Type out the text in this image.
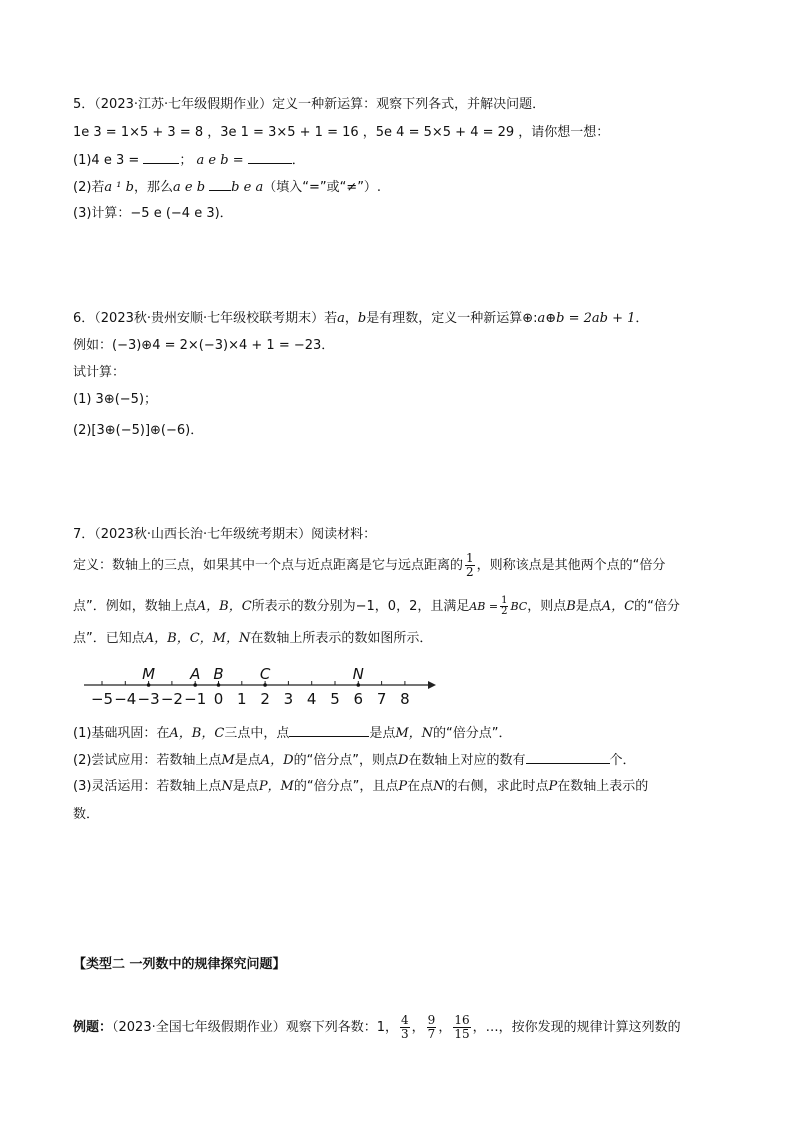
5．（2023·江苏·七年级假期作业）定义一种新运算：观察下列各式，并解决问题．
1e 3 = 1×5 + 3 = 8 ，3e 1 = 3×5 + 1 = 16 ，5e 4 = 5×5 + 4 = 29 ，请你想一想：
(1)4 e 3 =	； a e b =	．
(2)若a ¹ b，那么a e b b e a（填入“=”或“≠”）.
(3)计算：−5 e (−4 e 3)．
6．（2023秋·贵州安顺·七年级校联考期末）若a，b是有理数，定义一种新运算⊕:a⊕b = 2ab + 1．
例如：(−3)⊕4 = 2×(−3)×4 + 1 = −23．
试计算：
(1) 3⊕(−5)；
(2)[3⊕(−5)]⊕(−6)．
7．（2023秋·山西长治·七年级统考期末）阅读材料：
定义：数轴上的三点，如果其中一个点与近点距离是它与远点距离的 $\frac{1}{2}$ ，则称该点是其他两个点的“倍分
点”．例如，数轴上点A，B，C所表示的数分别为−1，0，2，且满足AB = $\frac{1}{2}$ BC，则点B是点A，C的“倍分
点”．已知点A，B，C，M，N在数轴上所表示的数如图所示．
−5 −4 −3 −2 −1 0 1 2 3 4 5 6 7 8
M A B C	N
(1)基础巩固：在A，B，C三点中，点	是点M，N的“倍分点”．
(2)尝试应用：若数轴上点M是点A，D的“倍分点”，则点D在数轴上对应的数有	个．
(3)灵活运用：若数轴上点N是点P，M的“倍分点”，且点P在点N的右侧，求此时点P在数轴上表示的
数．
【类型二 一列数中的规律探究问题】
例题：（2023·全国七年级假期作业）观察下列各数：1， $\frac{4}{3}$ ， $\frac{9}{7}$ ， $\frac{16}{15}$ ，…，按你发现的规律计算这列数的
